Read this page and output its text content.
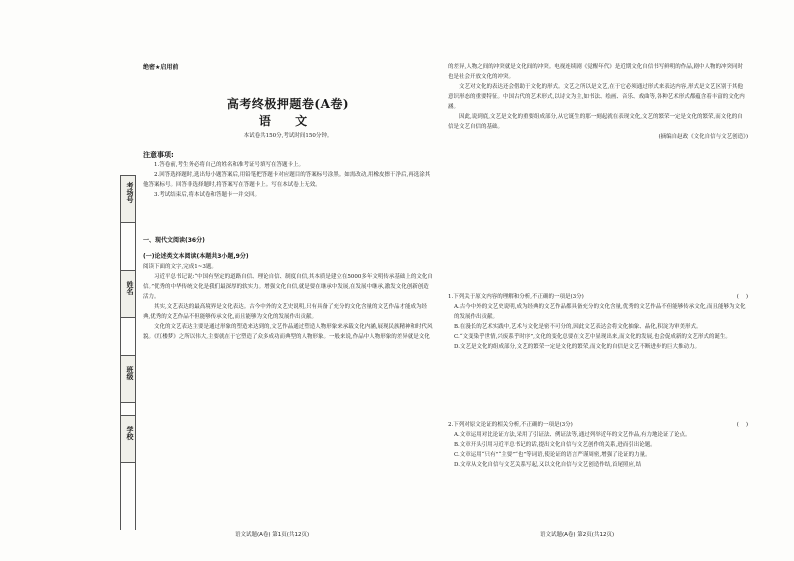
考场号
姓名
班级
学校
绝密★启用前
高考终极押题卷(A卷)
语 文
本试卷共150分,考试时间150分钟。
注意事项:

1.答卷前,考生务必将自己的姓名和准考证号填写在答题卡上。

2.回答选择题时,选出每小题答案后,用铅笔把答题卡对应题目的答案标号涂黑。如需改动,用橡皮擦干净后,再选涂其他答案标号。回答非选择题时,将答案写在答题卡上。写在本试卷上无效。

3.考试结束后,将本试卷和答题卡一并交回。

一、现代文阅读(36分)

(一)论述类文本阅读(本题共3小题,9分)

阅读下面的文字,完成1~3题。

习近平总书记说:“中国有坚定的道路自信、理论自信、制度自信,其本质是建立在5000多年文明传承基础上的文化自信。”优秀的中华传统文化是我们最深厚的软实力。增强文化自信,就是要在继承中发展,在发展中继承,激发文化创新创造活力。

其实,文艺表达的最高境界是文化表达。古今中外的文艺史说明,只有具备了充分的文化含量的文艺作品才能成为经典,优秀的文艺作品不但能够传承文化,而且能够为文化的发展作出贡献。

文化的文艺表达主要是通过形象的塑造来达到的,文艺作品通过塑造人物形象来承载文化内涵,展现民族精神和时代风貌。《红楼梦》之所以伟大,主要就在于它塑造了众多成功而典型的人物形象。一般来说,作品中人物形象的差异就是文化

的差异,人物之间的冲突就是文化间的冲突。电视连续剧《觉醒年代》是近期文化自信书写鲜明的作品,剧中人物的冲突同时也是社会开放文化的冲突。

文艺对文化的表达还会借助于文化的形式。文艺之所以是文艺,在于它必须通过形式来表达内容,形式是文艺区别于其他意识形态的重要特征。中国古代的艺术形式,以诗文为主,如书法、绘画、音乐、戏曲等,各种艺术形式都蕴含着丰富的文化内涵。

因此,说到底,文艺是文化的重要组成部分,从它诞生的那一刻起就在表现文化,文艺的繁荣一定是文化的繁荣,而文化的自信是文艺自信的基础。

(摘编自赵政《文化自信与文艺创造》)

1.下列关于原文内容的理解和分析,不正确的一项是(3分)	(    )

A.古今中外的文艺史说明,成为经典的文艺作品都具备充分的文化含量,优秀的文艺作品不但能够传承文化,而且能够为文化的发展作出贡献。

B.在漫长的艺术实践中,艺术与文化是密不可分的,因此文艺表达会将文化抽象、晶化,积淀为审美形式。

C.“文变染乎世情,兴废系乎时序”,文化的变化总要在文艺中显现出来,而文化的发展,也会促成新的文艺形式的诞生。

D.文艺是文化的组成部分,文艺的繁荣一定是文化的繁荣,而文化的自信是文艺不断进步的巨大推动力。

2.下列对原文论证的相关分析,不正确的一项是(3分)	(    )

A.文章运用对比论证方法,采用了引证法、例证法等,通过列举近年的文艺作品,有力地论证了论点。

B.文章开头引用习近平总书记的话,提出文化自信与文艺创作的关系,进而引出论题。

C.文章运用“只有”“主要”“也”等词语,使论证的语言严谨周密,增强了论证的力量。

D.文章从文化自信与文艺关系写起,又以文化自信与文艺创造作结,首尾照应,结

语文试题(A卷) 第1页(共12页)	语文试题(A卷) 第2页(共12页)
